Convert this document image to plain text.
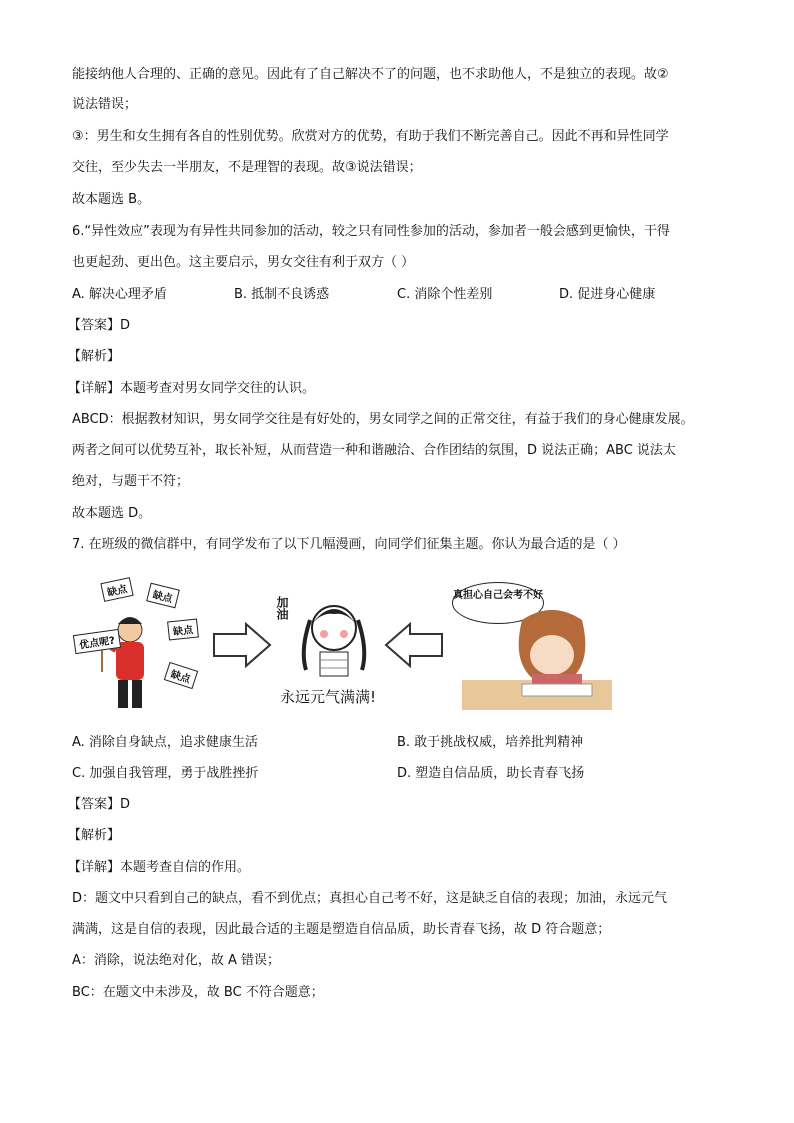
能接纳他人合理的、正确的意见。因此有了自己解决不了的问题，也不求助他人，不是独立的表现。故②
说法错误；
③：男生和女生拥有各自的性别优势。欣赏对方的优势，有助于我们不断完善自己。因此不再和异性同学
交往，至少失去一半朋友，不是理智的表现。故③说法错误；
故本题选 B。
6.“异性效应”表现为有异性共同参加的活动，较之只有同性参加的活动，参加者一般会感到更愉快，干得
也更起劲、更出色。这主要启示，男女交往有利于双方（ ）
A. 解决心理矛盾	B. 抵制不良诱惑	C. 消除个性差别	D. 促进身心健康
【答案】D
【解析】
【详解】本题考查对男女同学交往的认识。
ABCD：根据教材知识，男女同学交往是有好处的，男女同学之间的正常交往，有益于我们的身心健康发展。
两者之间可以优势互补，取长补短，从而营造一种和谐融洽、合作团结的氛围，D 说法正确；ABC 说法太
绝对，与题干不符；
故本题选 D。
7. 在班级的微信群中，有同学发布了以下几幅漫画，向同学们征集主题。你认为最合适的是（ ）
缺点	缺点
缺点
缺点
优点呢?
加油
永远元气满满!
真担心自己会考不好
A. 消除自身缺点，追求健康生活	B. 敢于挑战权威，培养批判精神
C. 加强自我管理，勇于战胜挫折	D. 塑造自信品质，助长青春飞扬
【答案】D
【解析】
【详解】本题考查自信的作用。
D：题文中只看到自己的缺点，看不到优点；真担心自己考不好，这是缺乏自信的表现；加油，永远元气
满满，这是自信的表现，因此最合适的主题是塑造自信品质，助长青春飞扬，故 D 符合题意；
A：消除，说法绝对化，故 A 错误；
BC：在题文中未涉及，故 BC 不符合题意；
